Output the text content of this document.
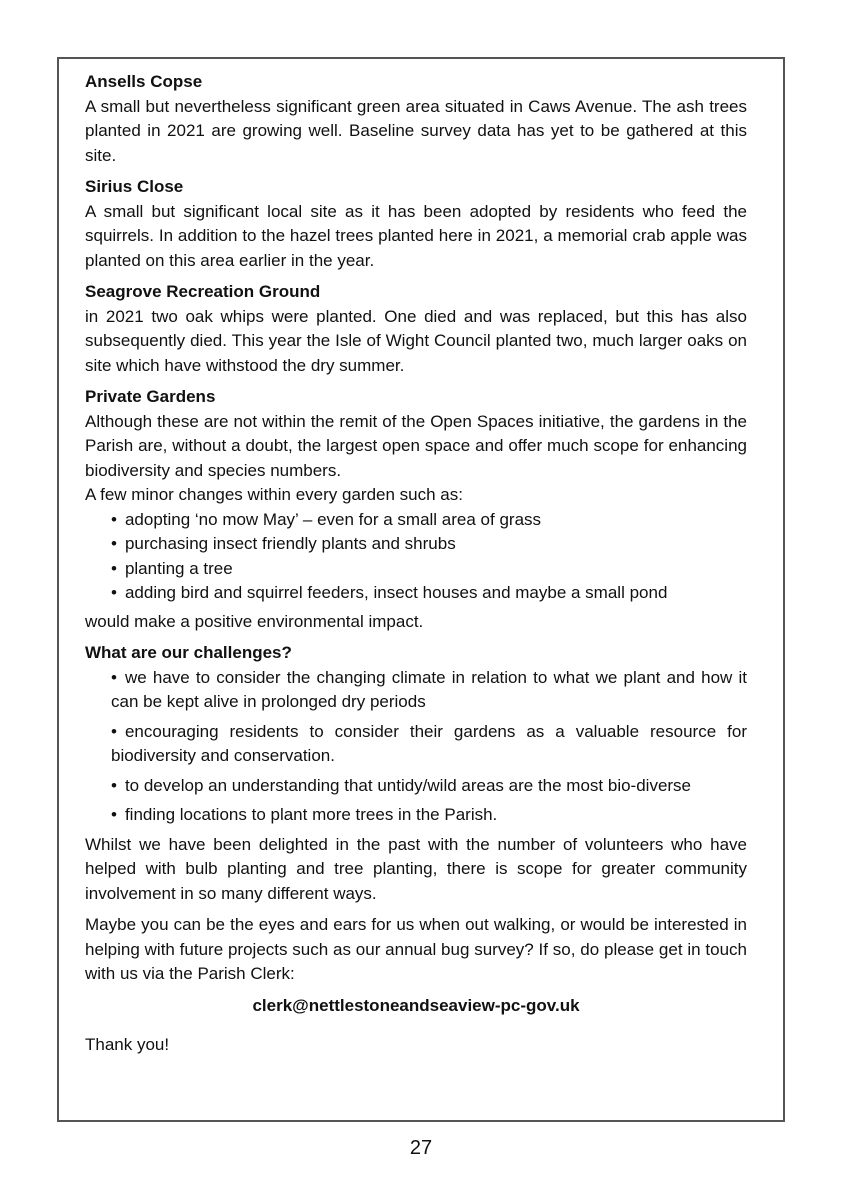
Ansells Copse

A small but nevertheless significant green area situated in Caws Avenue. The ash trees planted in 2021 are growing well. Baseline survey data has yet to be gathered at this site.

Sirius Close

A small but significant local site as it has been adopted by residents who feed the squirrels. In addition to the hazel trees planted here in 2021, a memorial crab apple was planted on this area earlier in the year.

Seagrove Recreation Ground

in 2021 two oak whips were planted. One died and was replaced, but this has also subsequently died. This year the Isle of Wight Council planted two, much larger oaks on site which have withstood the dry summer.

Private Gardens

Although these are not within the remit of the Open Spaces initiative, the gardens in the Parish are, without a doubt, the largest open space and offer much scope for enhancing biodiversity and species numbers.

A few minor changes within every garden such as:

• adopting ‘no mow May’ – even for a small area of grass
• purchasing insect friendly plants and shrubs
• planting a tree
• adding bird and squirrel feeders, insect houses and maybe a small pond

would make a positive environmental impact.

What are our challenges?
• we have to consider the changing climate in relation to what we plant and how it can be kept alive in prolonged dry periods
• encouraging residents to consider their gardens as a valuable resource for biodiversity and conservation.
• to develop an understanding that untidy/wild areas are the most bio-diverse
• finding locations to plant more trees in the Parish.

Whilst we have been delighted in the past with the number of volunteers who have helped with bulb planting and tree planting, there is scope for greater community involvement in so many different ways.

Maybe you can be the eyes and ears for us when out walking, or would be interested in helping with future projects such as our annual bug survey? If so, do please get in touch with us via the Parish Clerk:

clerk@nettlestoneandseaview-pc-gov.uk

Thank you!

27
